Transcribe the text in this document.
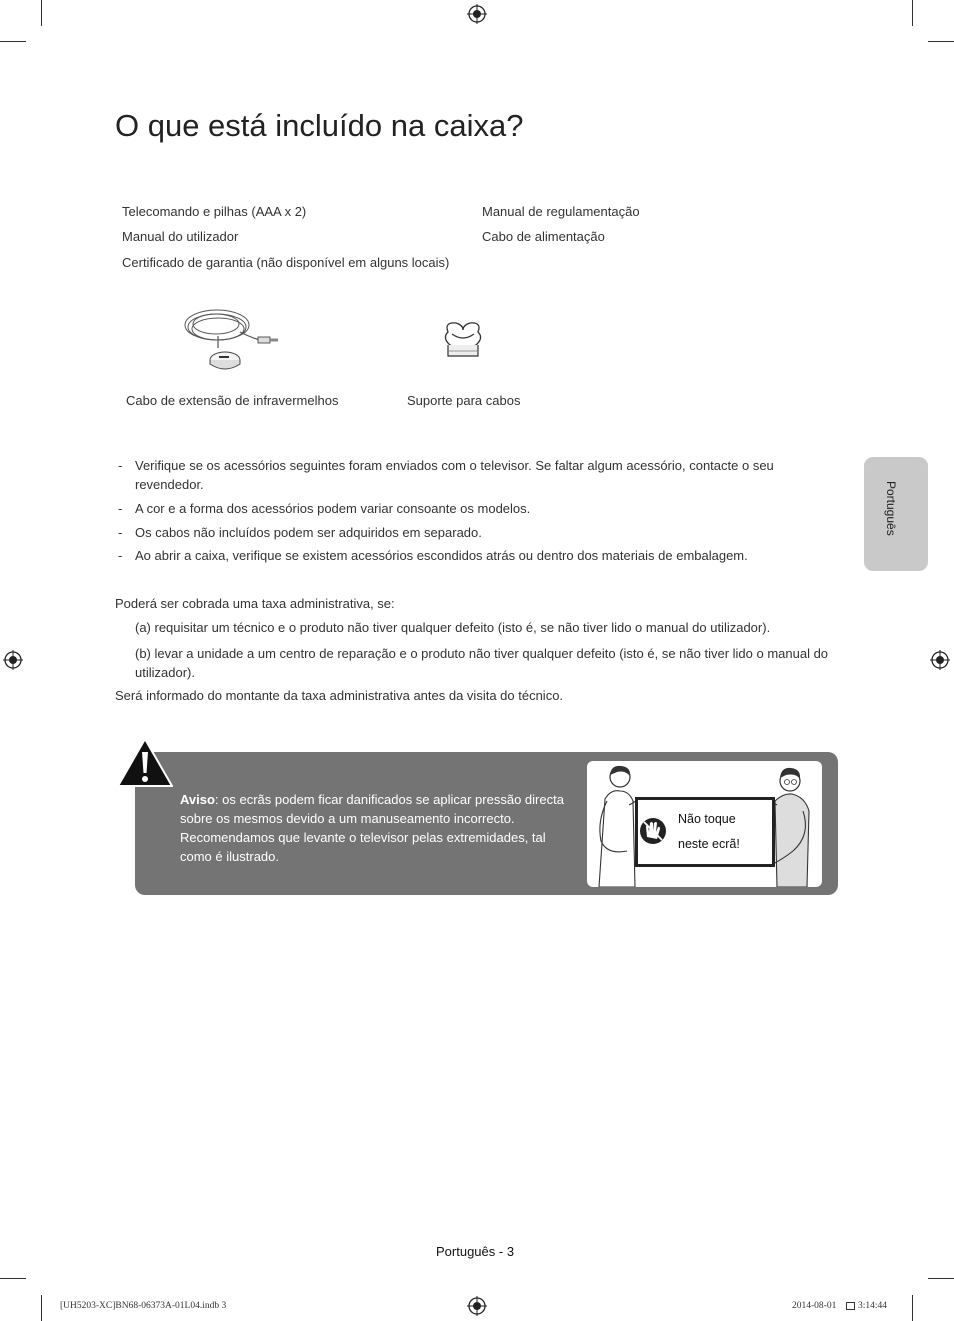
O que está incluído na caixa?
Português
Telecomando e pilhas (AAA x 2)
Manual do utilizador
Certificado de garantia (não disponível em alguns locais)
Manual de regulamentação
Cabo de alimentação
Cabo de extensão de infravermelhos	Suporte para cabos
- Verifique se os acessórios seguintes foram enviados com o televisor. Se faltar algum acessório, contacte o seu revendedor.
- A cor e a forma dos acessórios podem variar consoante os modelos.
- Os cabos não incluídos podem ser adquiridos em separado.
- Ao abrir a caixa, verifique se existem acessórios escondidos atrás ou dentro dos materiais de embalagem.
Poderá ser cobrada uma taxa administrativa, se:
(a) requisitar um técnico e o produto não tiver qualquer defeito (isto é, se não tiver lido o manual do utilizador).
(b) levar a unidade a um centro de reparação e o produto não tiver qualquer defeito (isto é, se não tiver lido o manual do utilizador).
Será informado do montante da taxa administrativa antes da visita do técnico.
Aviso: os ecrãs podem ficar danificados se aplicar pressão directa sobre os mesmos devido a um manuseamento incorrecto. Recomendamos que levante o televisor pelas extremidades, tal como é ilustrado.
Não toque
neste ecrã!
Português - 3
[UH5203-XC]BN68-06373A-01L04.indb 3	2014-08-01 3:14:44
